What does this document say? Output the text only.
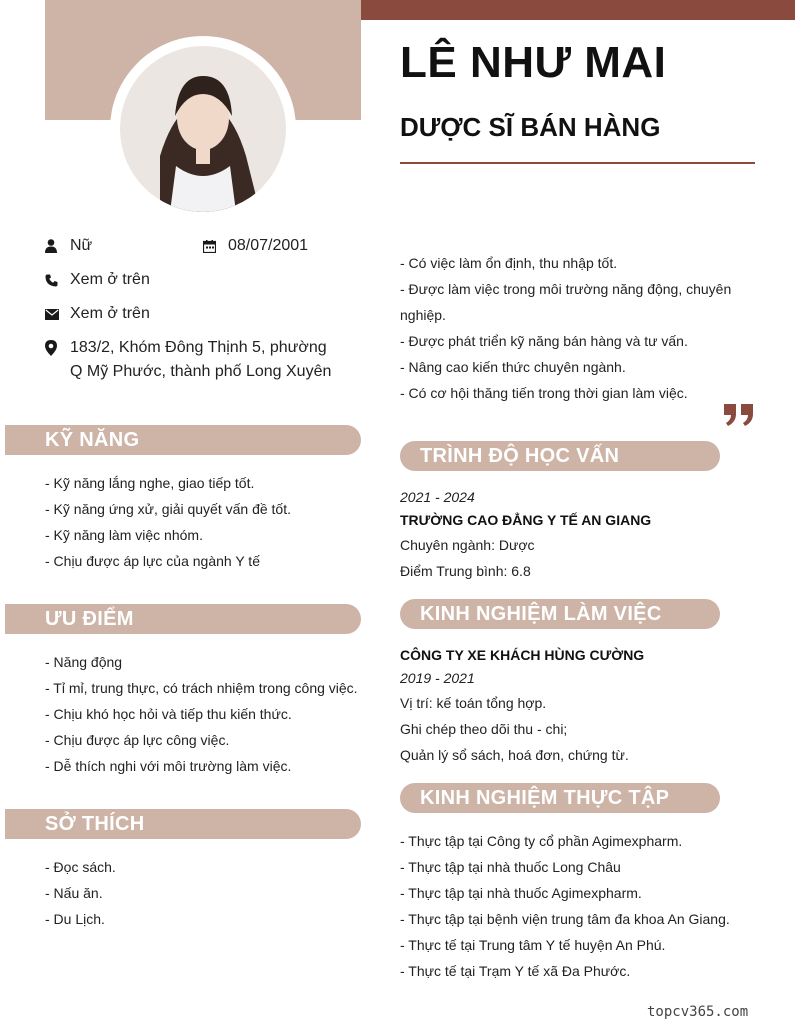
LÊ NHƯ MAI
DƯỢC SĨ BÁN HÀNG
Nữ	08/07/2001
Xem ở trên
Xem ở trên
183/2, Khóm Đông Thịnh 5, phường Q Mỹ Phước, thành phố Long Xuyên
KỸ NĂNG
- Kỹ năng lắng nghe, giao tiếp tốt.
- Kỹ năng ứng xử, giải quyết vấn đề tốt.
- Kỹ năng làm việc nhóm.
- Chịu được áp lực của ngành Y tế
ƯU ĐIỂM
- Năng động
- Tỉ mỉ, trung thực, có trách nhiệm trong công việc.
- Chịu khó học hỏi và tiếp thu kiến thức.
- Chịu được áp lực công việc.
- Dễ thích nghi với môi trường làm việc.
SỞ THÍCH
- Đọc sách.
- Nấu ăn.
- Du Lịch.
- Có việc làm ổn định, thu nhập tốt.
- Được làm việc trong môi trường năng động, chuyên nghiệp.
- Được phát triển kỹ năng bán hàng và tư vấn.
- Nâng cao kiến thức chuyên ngành.
- Có cơ hội thăng tiến trong thời gian làm việc.
TRÌNH ĐỘ HỌC VẤN
2021 - 2024
TRƯỜNG CAO ĐẲNG Y TẾ AN GIANG
Chuyên ngành: Dược
Điểm Trung bình: 6.8
KINH NGHIỆM LÀM VIỆC
CÔNG TY XE KHÁCH HÙNG CƯỜNG
2019 - 2021
Vị trí: kế toán tổng hợp.
Ghi chép theo dõi thu - chi;
Quản lý sổ sách, hoá đơn, chứng từ.
KINH NGHIỆM THỰC TẬP
- Thực tập tại Công ty cổ phần Agimexpharm.
- Thực tập tại nhà thuốc Long Châu
- Thực tập tại nhà thuốc Agimexpharm.
- Thực tập tại bệnh viện trung tâm đa khoa An Giang.
- Thực tế tại Trung tâm Y tế huyện An Phú.
- Thực tế tại Trạm Y tế xã Đa Phước.
topcv365.com
